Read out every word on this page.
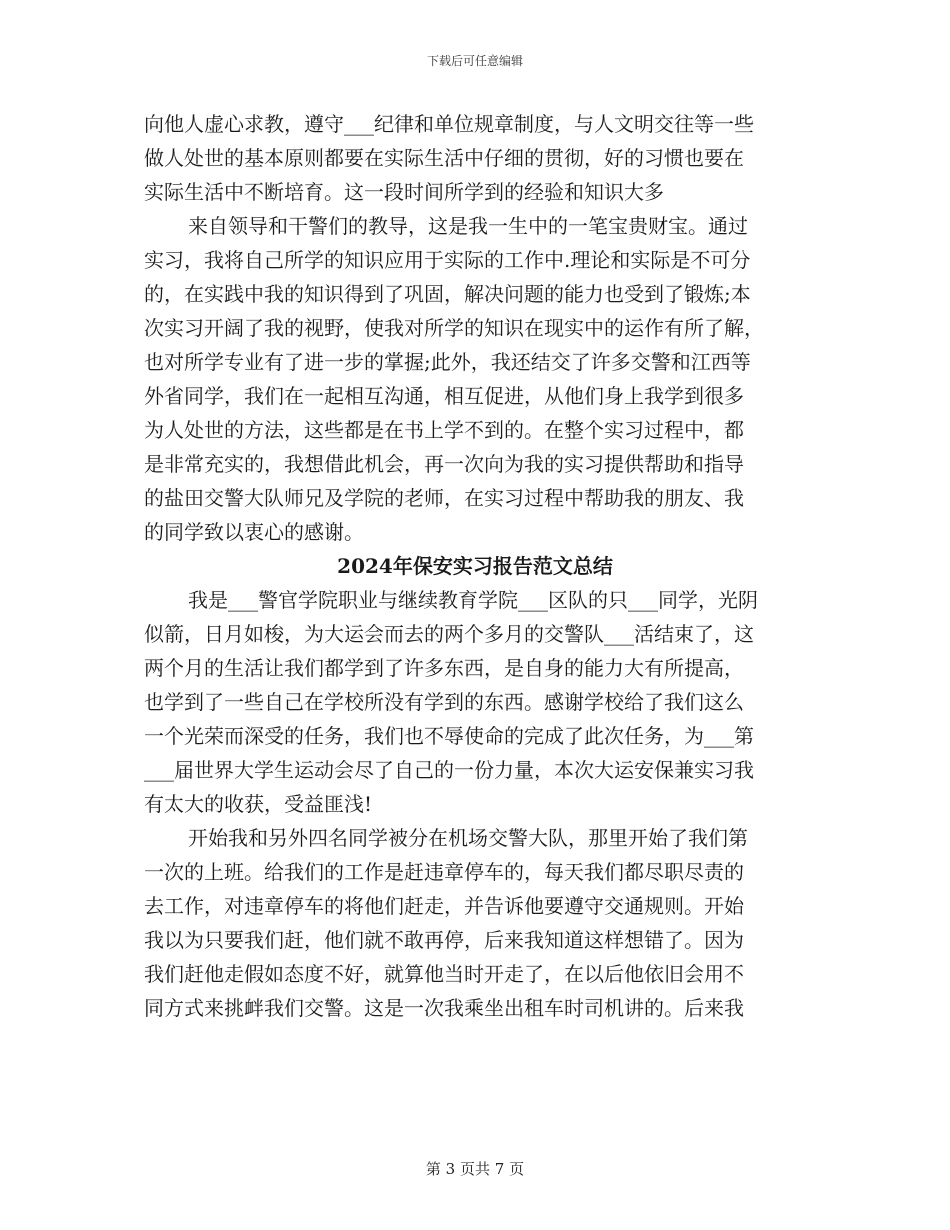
下载后可任意编辑
向他人虚心求教，遵守___纪律和单位规章制度，与人文明交往等一些
做人处世的基本原则都要在实际生活中仔细的贯彻，好的习惯也要在
实际生活中不断培育。这一段时间所学到的经验和知识大多
来自领导和干警们的教导，这是我一生中的一笔宝贵财宝。通过
实习，我将自己所学的知识应用于实际的工作中.理论和实际是不可分
的，在实践中我的知识得到了巩固，解决问题的能力也受到了锻炼;本
次实习开阔了我的视野，使我对所学的知识在现实中的运作有所了解，
也对所学专业有了进一步的掌握;此外，我还结交了许多交警和江西等
外省同学，我们在一起相互沟通，相互促进，从他们身上我学到很多
为人处世的方法，这些都是在书上学不到的。在整个实习过程中，都
是非常充实的，我想借此机会，再一次向为我的实习提供帮助和指导
的盐田交警大队师兄及学院的老师，在实习过程中帮助我的朋友、我
的同学致以衷心的感谢。
2024年保安实习报告范文总结
我是___警官学院职业与继续教育学院___区队的只___同学，光阴
似箭，日月如梭，为大运会而去的两个多月的交警队___活结束了，这
两个月的生活让我们都学到了许多东西，是自身的能力大有所提高，
也学到了一些自己在学校所没有学到的东西。感谢学校给了我们这么
一个光荣而深受的任务，我们也不辱使命的完成了此次任务，为___第
___届世界大学生运动会尽了自己的一份力量，本次大运安保兼实习我
有太大的收获，受益匪浅!
开始我和另外四名同学被分在机场交警大队，那里开始了我们第
一次的上班。给我们的工作是赶违章停车的，每天我们都尽职尽责的
去工作，对违章停车的将他们赶走，并告诉他要遵守交通规则。开始
我以为只要我们赶，他们就不敢再停，后来我知道这样想错了。因为
我们赶他走假如态度不好，就算他当时开走了，在以后他依旧会用不
同方式来挑衅我们交警。这是一次我乘坐出租车时司机讲的。后来我
第 3 页共 7 页
